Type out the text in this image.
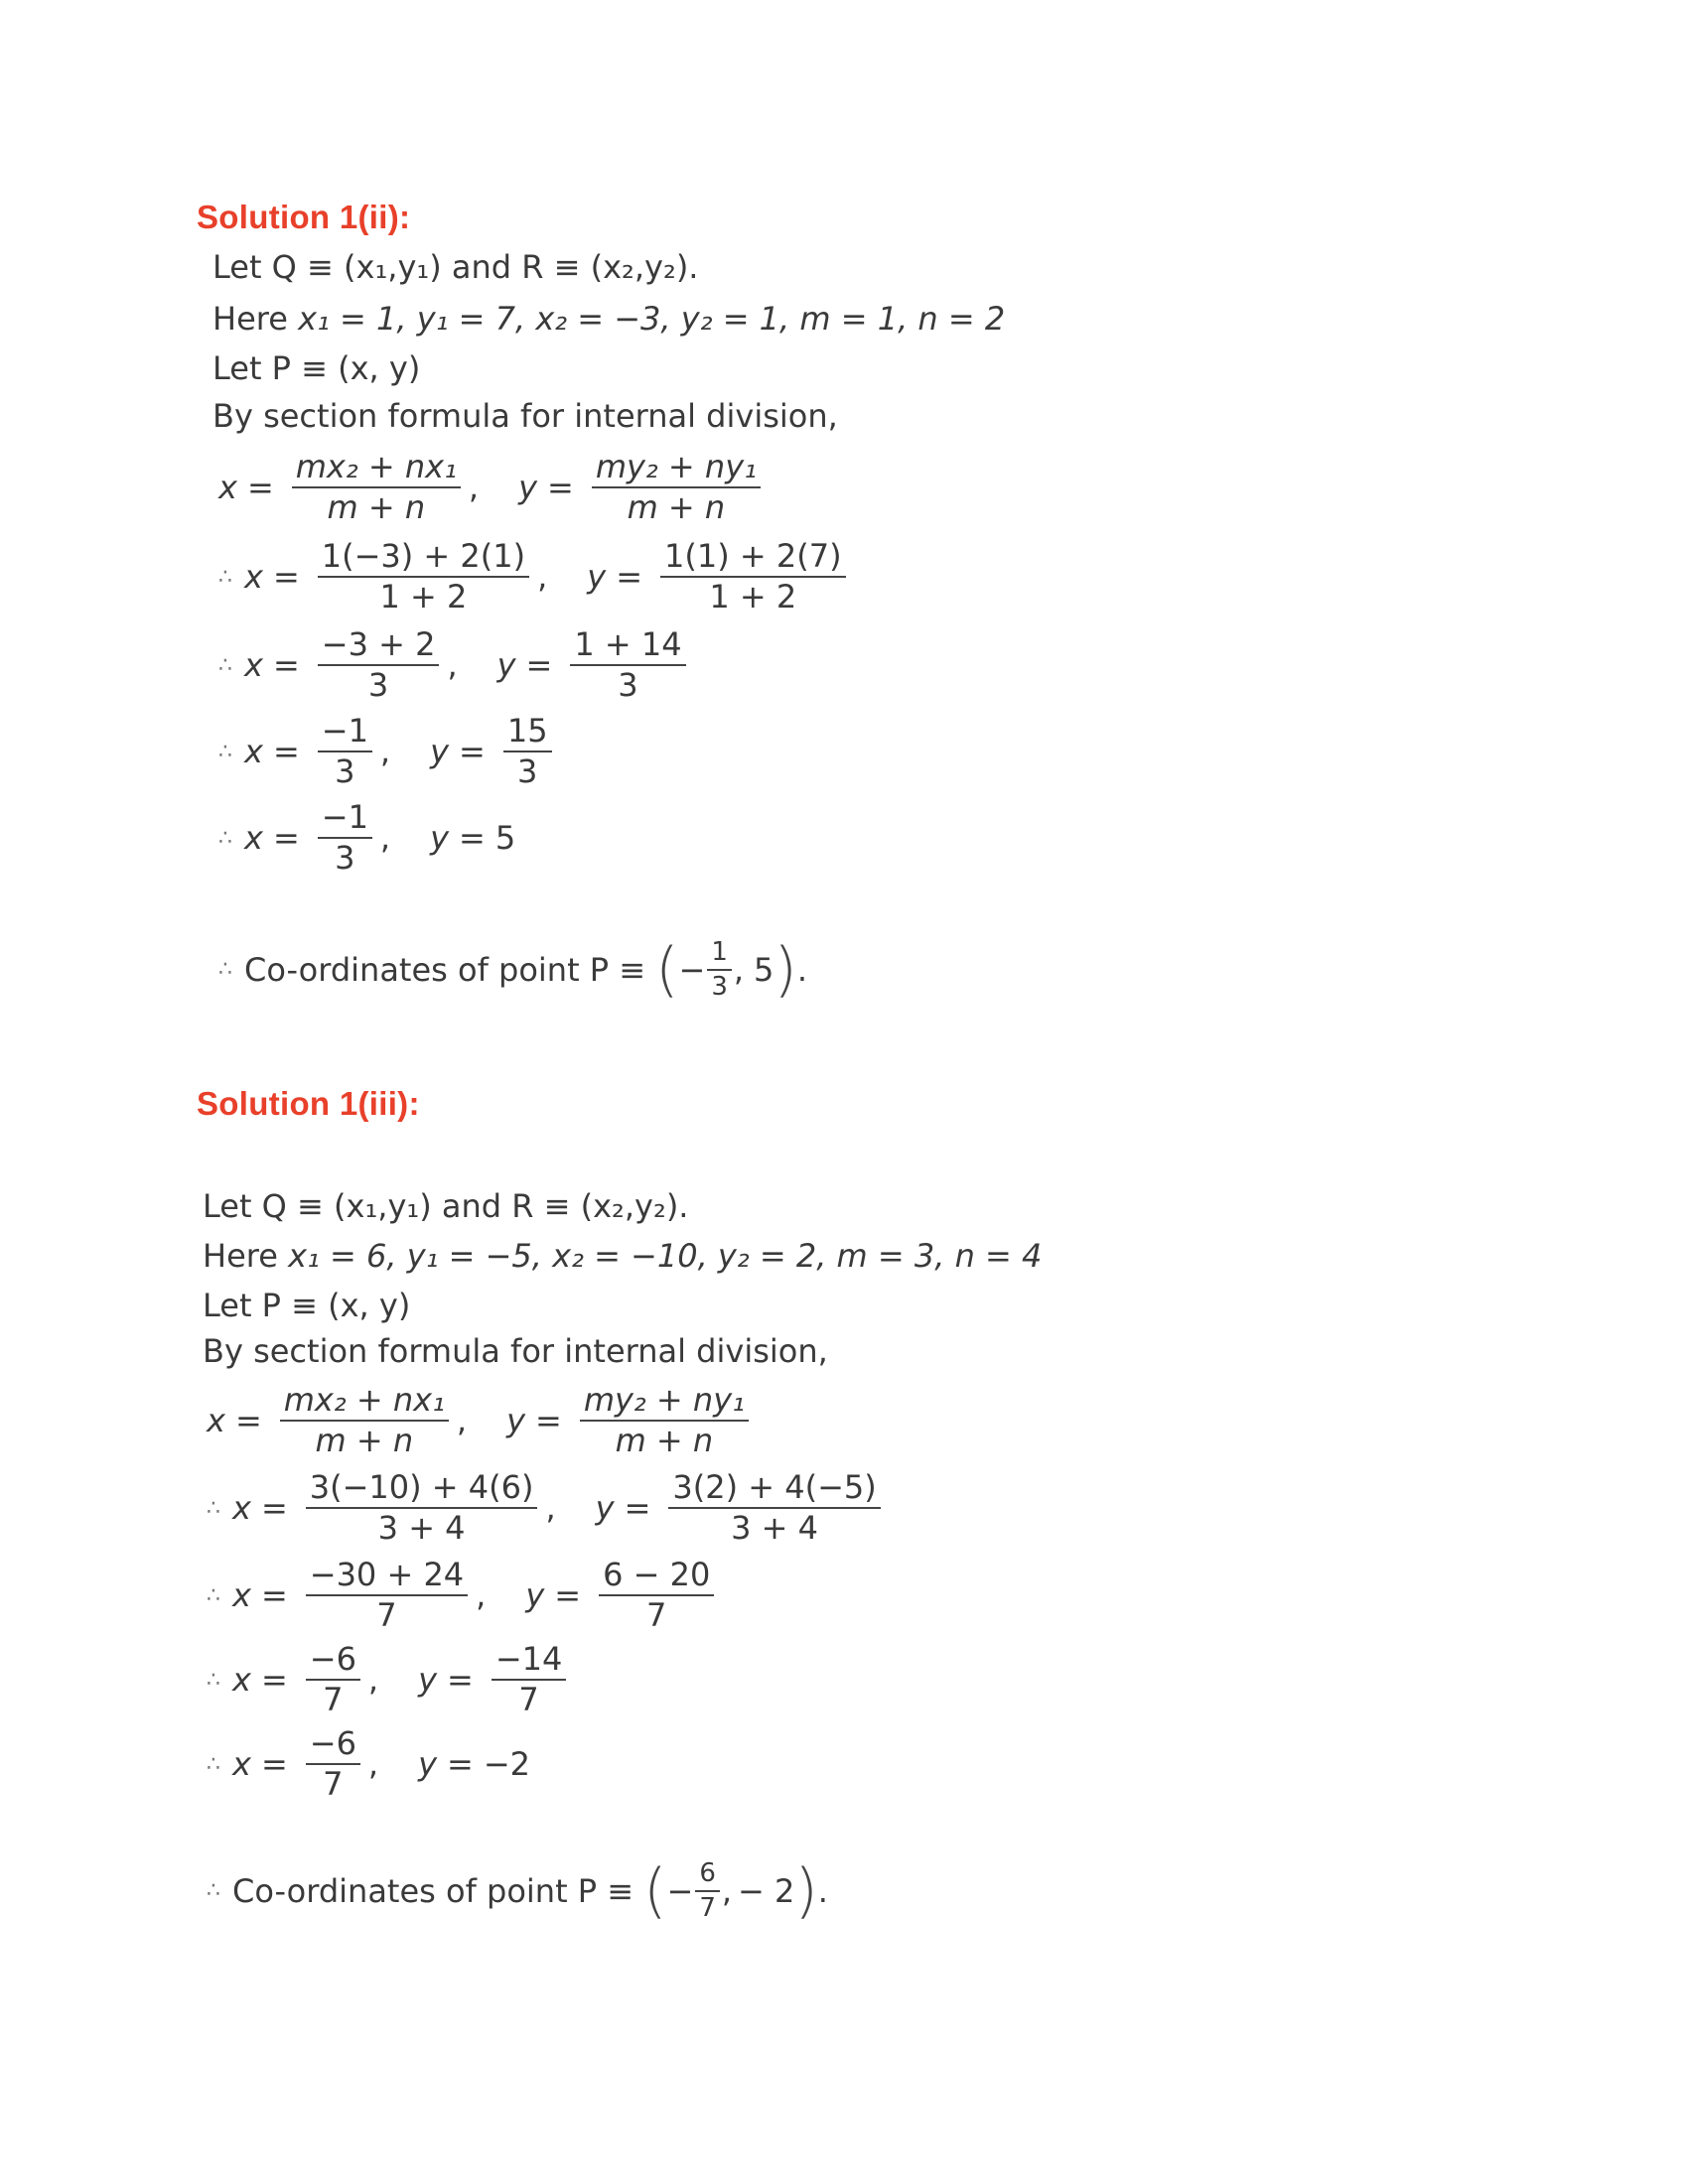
Solution 1(ii):
Let Q ≡ (x₁,y₁) and R ≡ (x₂,y₂).
Here x₁ = 1, y₁ = 7, x₂ = −3, y₂ = 1, m = 1, n = 2
Let P ≡ (x, y)
By section formula for internal division,
$x = \frac{\text{mx₂ + nx₁}}{m + n}$ , $y = \frac{\text{my₂ + ny₁}}{m + n}$
∴ $x = \frac{1(-3) + 2(1)}{1 + 2}$ , $y = \frac{1(1) + 2(7)}{1 + 2}$
∴ $x = \frac{-3 + 2}{3}$ , $y = \frac{1 + 14}{3}$
∴ $x = \frac{-1}{3}$ , $y = \frac{15}{3}$
∴ $x = \frac{-1}{3}$ , y = 5
∴ Co-ordinates of point P ≡ ( − $\frac{1}{3}$ , 5 ) .
Solution 1(iii):
Let Q ≡ (x₁,y₁) and R ≡ (x₂,y₂).
Here x₁ = 6, y₁ = −5, x₂ = −10, y₂ = 2, m = 3, n = 4
Let P ≡ (x, y)
By section formula for internal division,
$x = \frac{\text{mx₂ + nx₁}}{m + n}$ , $y = \frac{\text{my₂ + ny₁}}{m + n}$
∴ $x = \frac{3(-10) + 4(6)}{3 + 4}$ , $y = \frac{3(2) + 4(-5)}{3 + 4}$
∴ $x = \frac{-30 + 24}{7}$ , $y = \frac{6 - 20}{7}$
∴ $x = \frac{-6}{7}$ , $y = \frac{-14}{7}$
∴ $x = \frac{-6}{7}$ , y = −2
∴ Co-ordinates of point P ≡ ( − $\frac{6}{7}$ , − 2 ) .
